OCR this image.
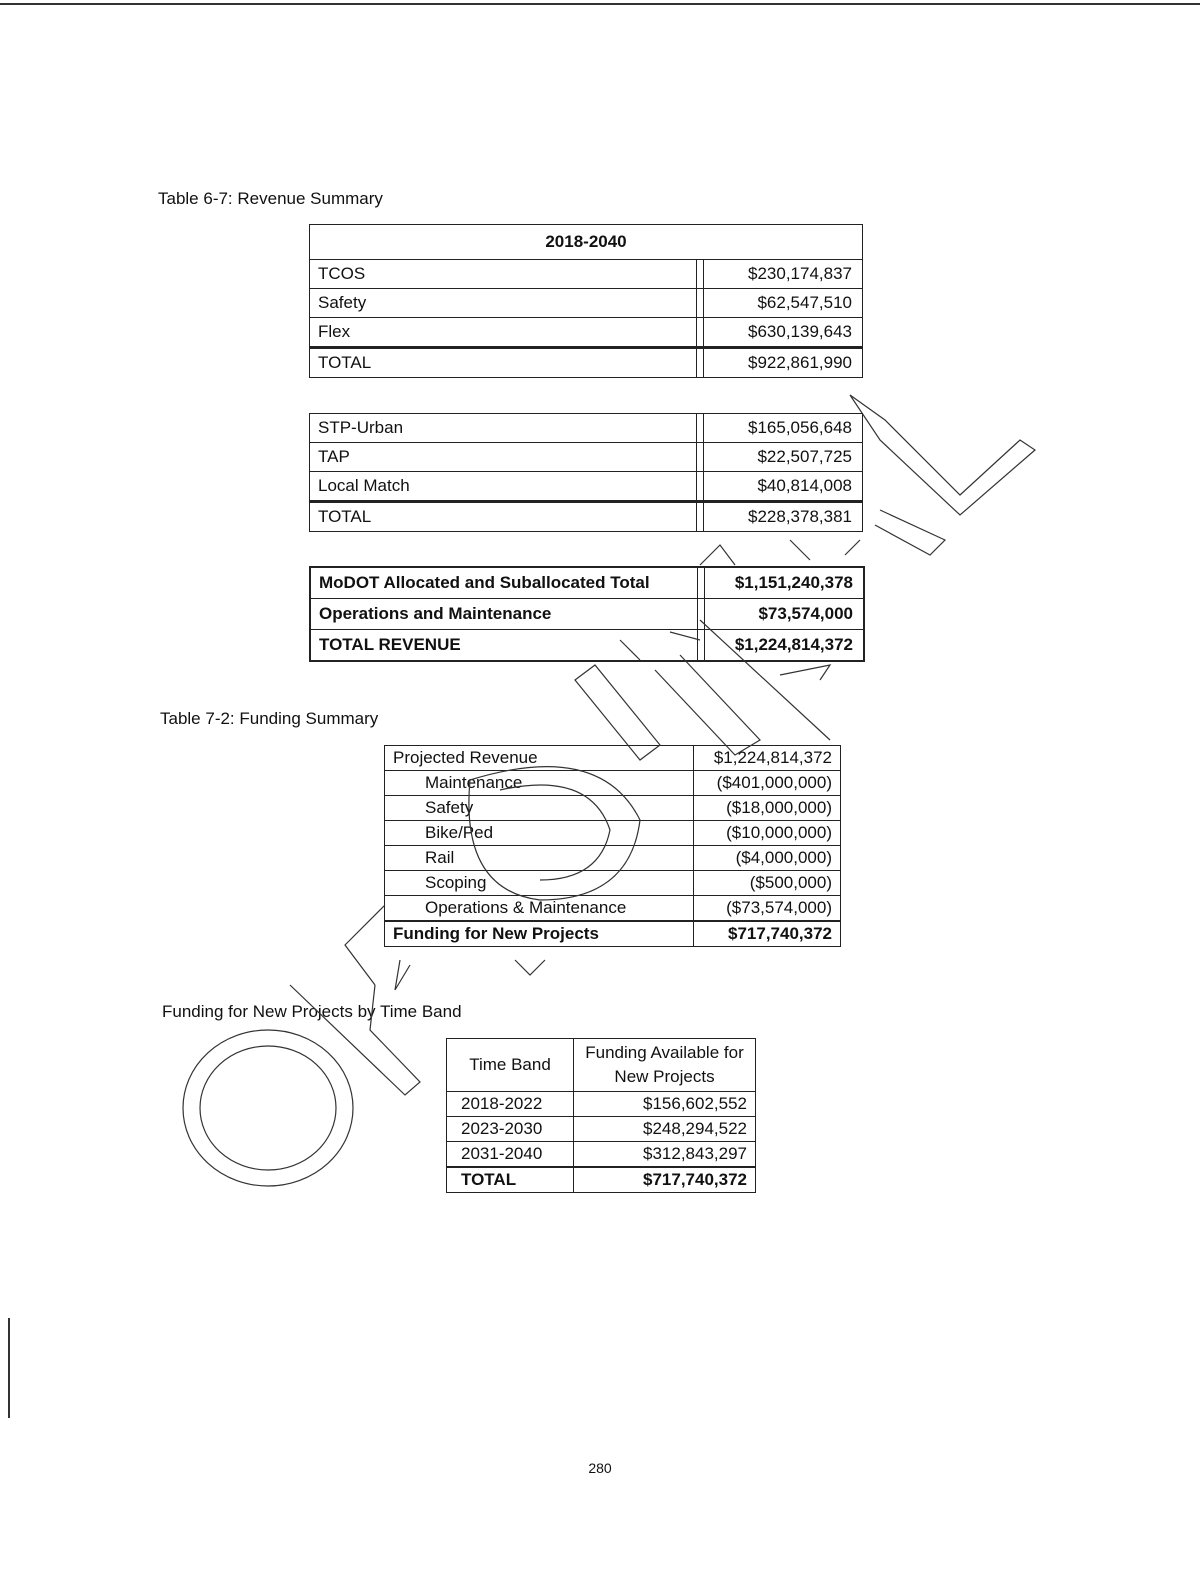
Table 6-7: Revenue Summary
2018-2040		
TCOS		$230,174,837
Safety		$62,547,510
Flex		$630,139,643
TOTAL		$922,861,990
STP-Urban		$165,056,648
TAP		$22,507,725
Local Match		$40,814,008
TOTAL		$228,378,381
MoDOT Allocated and Suballocated Total		$1,151,240,378
Operations and Maintenance		$73,574,000
TOTAL REVENUE		$1,224,814,372
Table 7-2: Funding Summary
Projected Revenue	$1,224,814,372
Maintenance	($401,000,000)
Safety	($18,000,000)
Bike/Ped	($10,000,000)
Rail	($4,000,000)
Scoping	($500,000)
Operations & Maintenance	($73,574,000)
Funding for New Projects	$717,740,372
Funding for New Projects by Time Band
Time Band	Funding Available for New Projects
2018-2022	$156,602,552
2023-2030	$248,294,522
2031-2040	$312,843,297
TOTAL	$717,740,372
280
